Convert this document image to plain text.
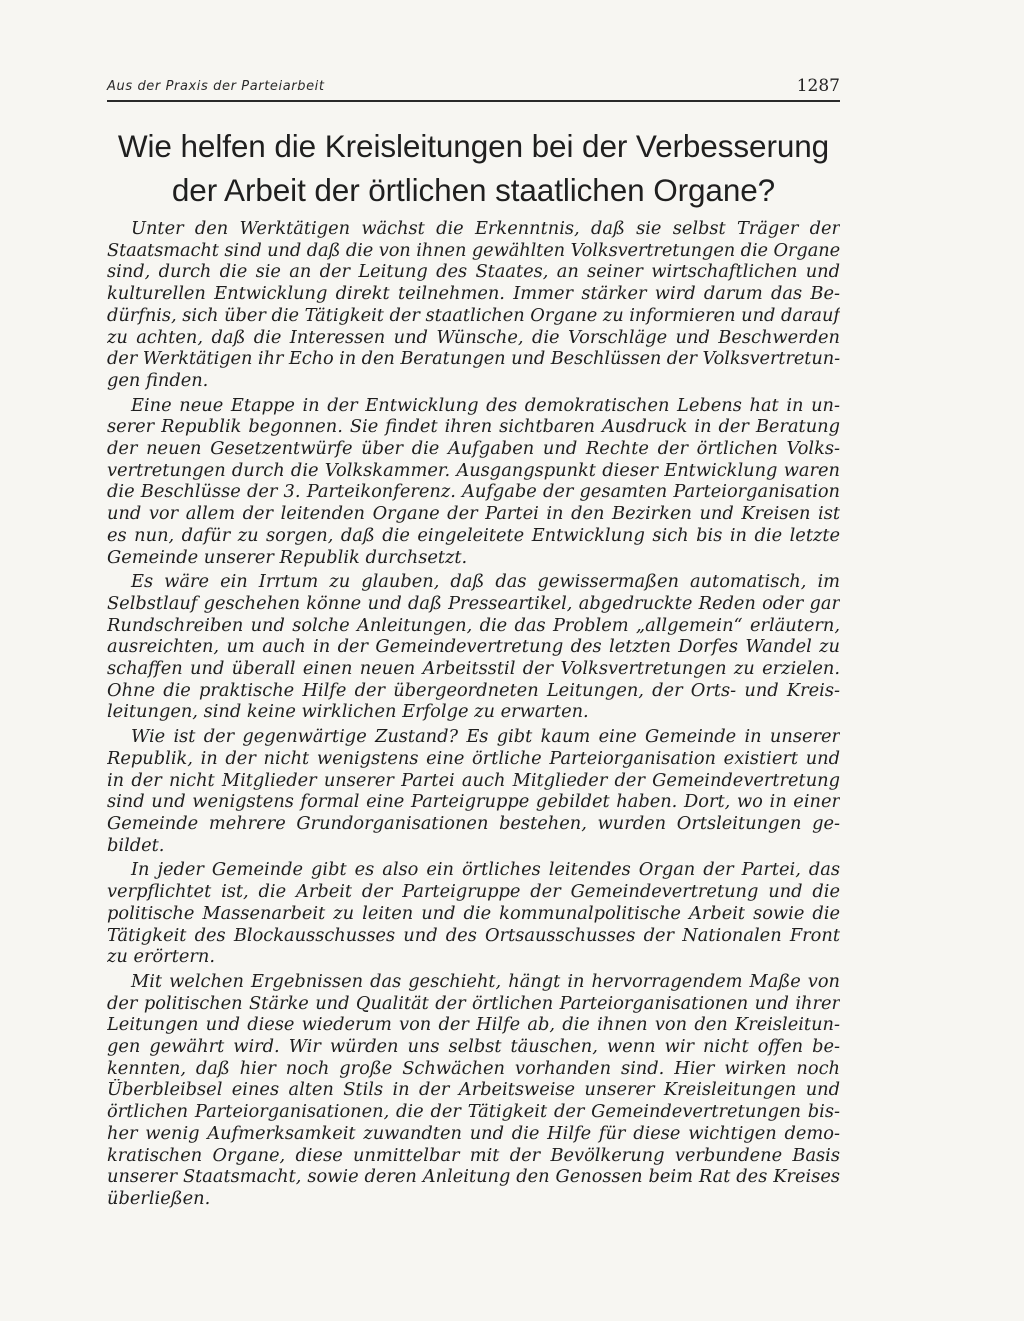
Aus der Praxis der Parteiarbeit	1287
Wie helfen die Kreisleitungen bei der Verbesserung
der Arbeit der örtlichen staatlichen Organe?
Unter den Werktätigen wächst die Erkenntnis, daß sie selbst Träger der
Staatsmacht sind und daß die von ihnen gewählten Volksvertretungen die Organe
sind, durch die sie an der Leitung des Staates, an seiner wirtschaftlichen und
kulturellen Entwicklung direkt teilnehmen. Immer stärker wird darum das Be-
dürfnis, sich über die Tätigkeit der staatlichen Organe zu informieren und darauf
zu achten, daß die Interessen und Wünsche, die Vorschläge und Beschwerden
der Werktätigen ihr Echo in den Beratungen und Beschlüssen der Volksvertretun-
gen finden.
Eine neue Etappe in der Entwicklung des demokratischen Lebens hat in un-
serer Republik begonnen. Sie findet ihren sichtbaren Ausdruck in der Beratung
der neuen Gesetzentwürfe über die Aufgaben und Rechte der örtlichen Volks-
vertretungen durch die Volkskammer. Ausgangspunkt dieser Entwicklung waren
die Beschlüsse der 3. Parteikonferenz. Aufgabe der gesamten Parteiorganisation
und vor allem der leitenden Organe der Partei in den Bezirken und Kreisen ist
es nun, dafür zu sorgen, daß die eingeleitete Entwicklung sich bis in die letzte
Gemeinde unserer Republik durchsetzt.
Es wäre ein Irrtum zu glauben, daß das gewissermaßen automatisch, im
Selbstlauf geschehen könne und daß Presseartikel, abgedruckte Reden oder gar
Rundschreiben und solche Anleitungen, die das Problem „allgemein“ erläutern,
ausreichten, um auch in der Gemeindevertretung des letzten Dorfes Wandel zu
schaffen und überall einen neuen Arbeitsstil der Volksvertretungen zu erzielen.
Ohne die praktische Hilfe der übergeordneten Leitungen, der Orts- und Kreis-
leitungen, sind keine wirklichen Erfolge zu erwarten.
Wie ist der gegenwärtige Zustand? Es gibt kaum eine Gemeinde in unserer
Republik, in der nicht wenigstens eine örtliche Parteiorganisation existiert und
in der nicht Mitglieder unserer Partei auch Mitglieder der Gemeindevertretung
sind und wenigstens formal eine Parteigruppe gebildet haben. Dort, wo in einer
Gemeinde mehrere Grundorganisationen bestehen, wurden Ortsleitungen ge-
bildet.
In jeder Gemeinde gibt es also ein örtliches leitendes Organ der Partei, das
verpflichtet ist, die Arbeit der Parteigruppe der Gemeindevertretung und die
politische Massenarbeit zu leiten und die kommunalpolitische Arbeit sowie die
Tätigkeit des Blockausschusses und des Ortsausschusses der Nationalen Front
zu erörtern.
Mit welchen Ergebnissen das geschieht, hängt in hervorragendem Maße von
der politischen Stärke und Qualität der örtlichen Parteiorganisationen und ihrer
Leitungen und diese wiederum von der Hilfe ab, die ihnen von den Kreisleitun-
gen gewährt wird. Wir würden uns selbst täuschen, wenn wir nicht offen be-
kennten, daß hier noch große Schwächen vorhanden sind. Hier wirken noch
Überbleibsel eines alten Stils in der Arbeitsweise unserer Kreisleitungen und
örtlichen Parteiorganisationen, die der Tätigkeit der Gemeindevertretungen bis-
her wenig Aufmerksamkeit zuwandten und die Hilfe für diese wichtigen demo-
kratischen Organe, diese unmittelbar mit der Bevölkerung verbundene Basis
unserer Staatsmacht, sowie deren Anleitung den Genossen beim Rat des Kreises
überließen.
